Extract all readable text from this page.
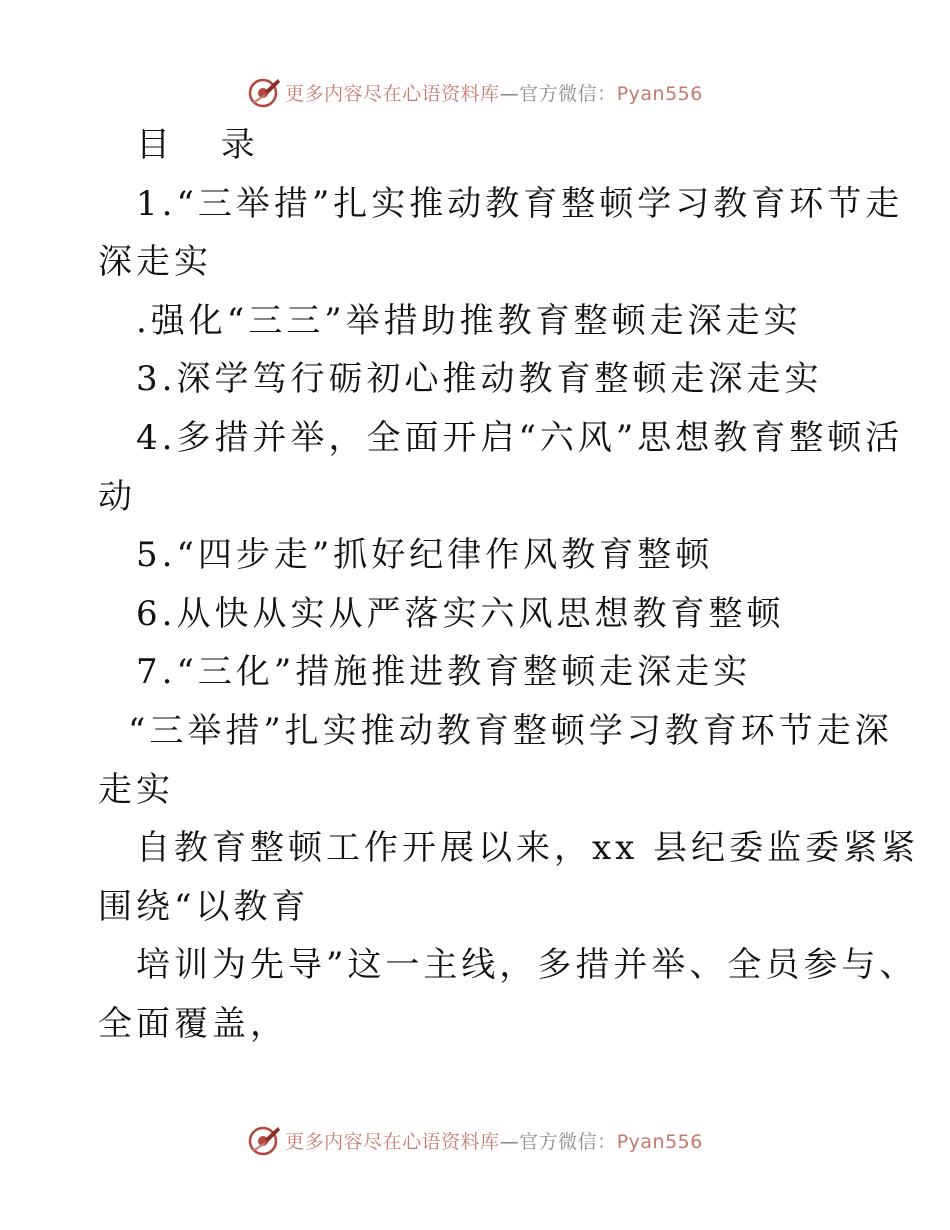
更多内容尽在心语资料库—官方微信：Pyan556
目 录
1.“三举措”扎实推动教育整顿学习教育环节走
深走实
.强化“三三”举措助推教育整顿走深走实
3.深学笃行砺初心推动教育整顿走深走实
4.多措并举，全面开启“六风”思想教育整顿活
动
5.“四步走”抓好纪律作风教育整顿
6.从快从实从严落实六风思想教育整顿
7.“三化”措施推进教育整顿走深走实
“三举措”扎实推动教育整顿学习教育环节走深
走实
自教育整顿工作开展以来，xx 县纪委监委紧紧
围绕“以教育
培训为先导”这一主线，多措并举、全员参与、
全面覆盖，
更多内容尽在心语资料库—官方微信：Pyan556
